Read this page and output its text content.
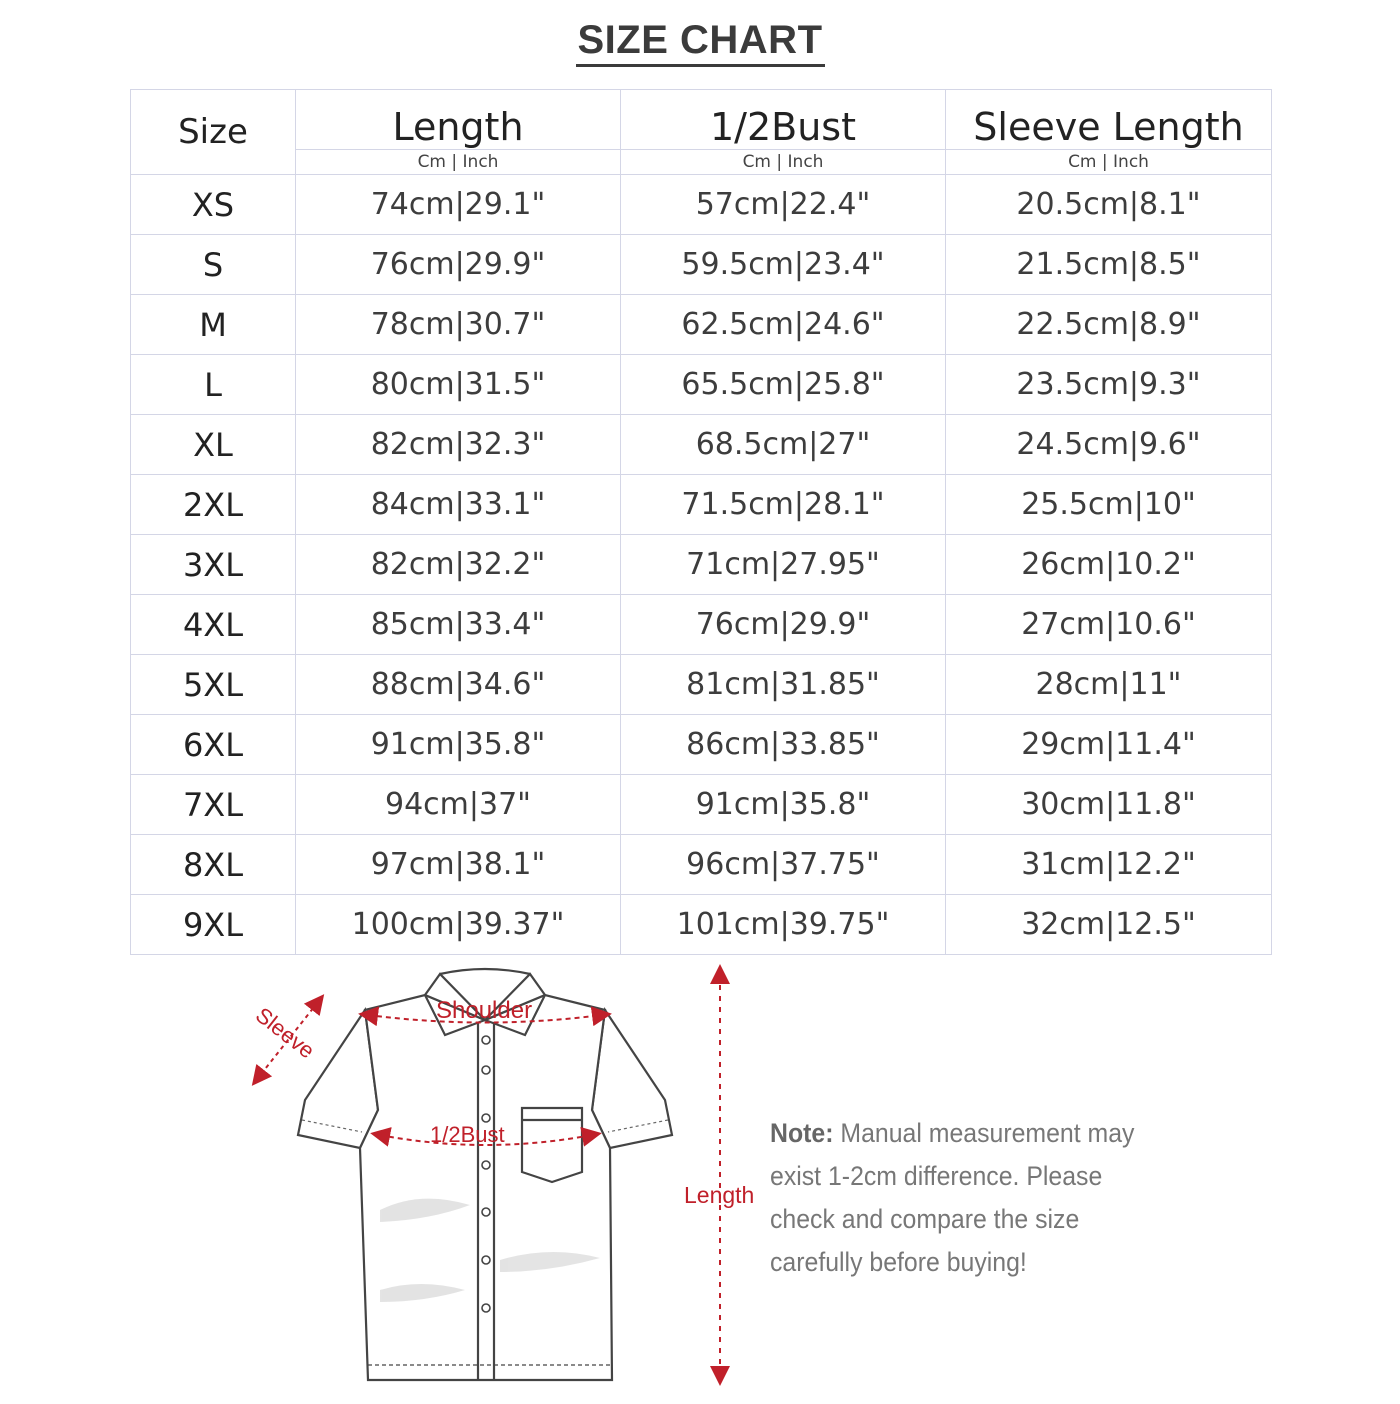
SIZE CHART
Size	Length	1/2Bust	Sleeve Length
	Cm | Inch	Cm | Inch	Cm | Inch
XS	74cm|29.1"	57cm|22.4"	20.5cm|8.1"
S	76cm|29.9"	59.5cm|23.4"	21.5cm|8.5"
M	78cm|30.7"	62.5cm|24.6"	22.5cm|8.9"
L	80cm|31.5"	65.5cm|25.8"	23.5cm|9.3"
XL	82cm|32.3"	68.5cm|27"	24.5cm|9.6"
2XL	84cm|33.1"	71.5cm|28.1"	25.5cm|10"
3XL	82cm|32.2"	71cm|27.95"	26cm|10.2"
4XL	85cm|33.4"	76cm|29.9"	27cm|10.6"
5XL	88cm|34.6"	81cm|31.85"	28cm|11"
6XL	91cm|35.8"	86cm|33.85"	29cm|11.4"
7XL	94cm|37"	91cm|35.8"	30cm|11.8"
8XL	97cm|38.1"	96cm|37.75"	31cm|12.2"
9XL	100cm|39.37"	101cm|39.75"	32cm|12.5"
Shoulder
1/2Bust
Length
Sleeve
Note: Manual measurement may exist 1-2cm difference. Please check and compare the size carefully before buying!
